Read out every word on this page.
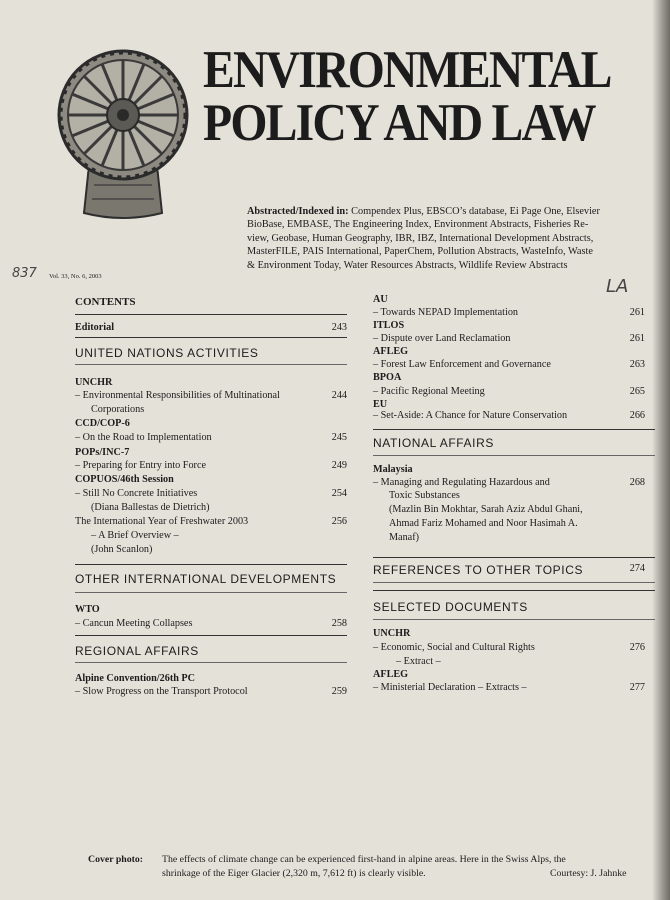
ENVIRONMENTAL
POLICY AND LAW
Abstracted/Indexed in: Compendex Plus, EBSCO’s database, Ei Page One, Elsevier
BioBase, EMBASE, The Engineering Index, Environment Abstracts, Fisheries Re-
view, Geobase, Human Geography, IBR, IBZ, International Development Abstracts,
MasterFILE, PAIS International, PaperChem, Pollution Abstracts, WasteInfo, Waste
& Environment Today, Water Resources Abstracts, Wildlife Review Abstracts
837 Vol. 33, No. 6, 2003	LA
CONTENTS
Editorial	243
UNITED NATIONS ACTIVITIES
UNCHR
– Environmental Responsibilities of Multinational	244
Corporations
CCD/COP-6
– On the Road to Implementation	245
POPs/INC-7
– Preparing for Entry into Force	249
COPUOS/46th Session
– Still No Concrete Initiatives	254
(Diana Ballestas de Dietrich)
The International Year of Freshwater 2003	256
– A Brief Overview –
(John Scanlon)
OTHER INTERNATIONAL DEVELOPMENTS
WTO
– Cancun Meeting Collapses	258
REGIONAL AFFAIRS
Alpine Convention/26th PC
– Slow Progress on the Transport Protocol	259
AU
– Towards NEPAD Implementation	261
ITLOS
– Dispute over Land Reclamation	261
AFLEG
– Forest Law Enforcement and Governance	263
BPOA
– Pacific Regional Meeting	265
EU
– Set-Aside: A Chance for Nature Conservation	266
NATIONAL AFFAIRS
Malaysia
– Managing and Regulating Hazardous and	268
Toxic Substances
(Mazlin Bin Mokhtar, Sarah Aziz Abdul Ghani,
Ahmad Fariz Mohamed and Noor Hasimah A.
Manaf)
REFERENCES TO OTHER TOPICS	274
SELECTED DOCUMENTS
UNCHR
– Economic, Social and Cultural Rights	276
– Extract –
AFLEG
– Ministerial Declaration – Extracts –	277
Cover photo: The effects of climate change can be experienced first-hand in alpine areas. Here in the Swiss Alps, the
shrinkage of the Eiger Glacier (2,320 m, 7,612 ft) is clearly visible.	Courtesy: J. Jahnke
